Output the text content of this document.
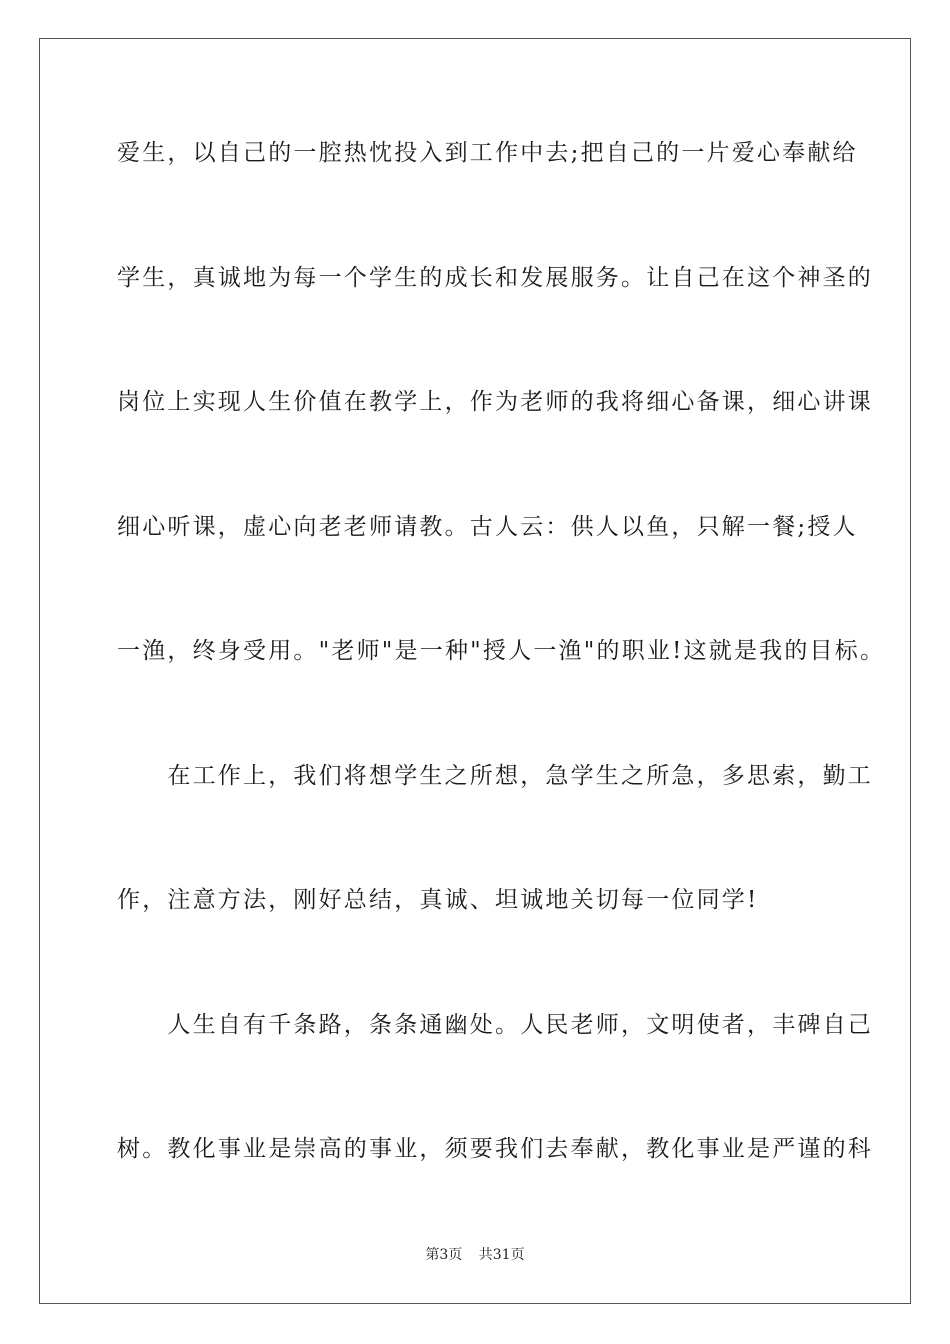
爱生，以自己的一腔热忱投入到工作中去;把自己的一片爱心奉献给
学生，真诚地为每一个学生的成长和发展服务。让自己在这个神圣的
岗位上实现人生价值在教学上，作为老师的我将细心备课，细心讲课
细心听课，虚心向老老师请教。古人云：供人以鱼，只解一餐;授人
一渔，终身受用。"老师"是一种"授人一渔"的职业!这就是我的目标。
　　在工作上，我们将想学生之所想，急学生之所急，多思索，勤工
作，注意方法，刚好总结，真诚、坦诚地关切每一位同学!
　　人生自有千条路，条条通幽处。人民老师，文明使者，丰碑自己
树。教化事业是崇高的事业，须要我们去奉献，教化事业是严谨的科
第3页 共31页
